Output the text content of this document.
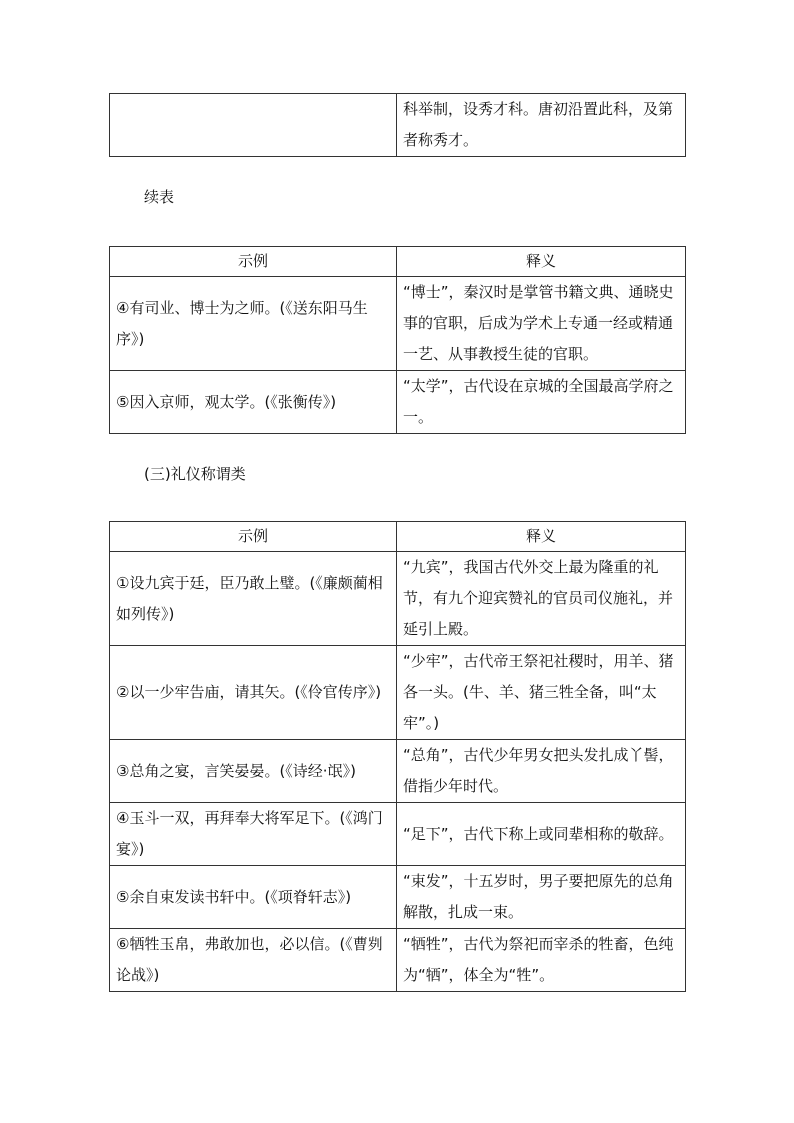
	科举制，设秀才科。唐初沿置此科，及第者称秀才。
续表
示例	释义
④有司业、博士为之师。(《送东阳马生序》)	“博士”，秦汉时是掌管书籍文典、通晓史事的官职，后成为学术上专通一经或精通一艺、从事教授生徒的官职。
⑤因入京师，观太学。(《张衡传》)	“太学”，古代设在京城的全国最高学府之一。
(三)礼仪称谓类
示例	释义
①设九宾于廷，臣乃敢上璧。(《廉颇蔺相如列传》)	“九宾”，我国古代外交上最为隆重的礼节，有九个迎宾赞礼的官员司仪施礼，并延引上殿。
②以一少牢告庙，请其矢。(《伶官传序》)	“少牢”，古代帝王祭祀社稷时，用羊、猪各一头。(牛、羊、猪三牲全备，叫“太牢”。)
③总角之宴，言笑晏晏。(《诗经·氓》)	“总角”，古代少年男女把头发扎成丫髻，借指少年时代。
④玉斗一双，再拜奉大将军足下。(《鸿门宴》)	“足下”，古代下称上或同辈相称的敬辞。
⑤余自束发读书轩中。(《项脊轩志》)	“束发”，十五岁时，男子要把原先的总角解散，扎成一束。
⑥牺牲玉帛，弗敢加也，必以信。(《曹刿论战》)	“牺牲”，古代为祭祀而宰杀的牲畜，色纯为“牺”，体全为“牲”。
